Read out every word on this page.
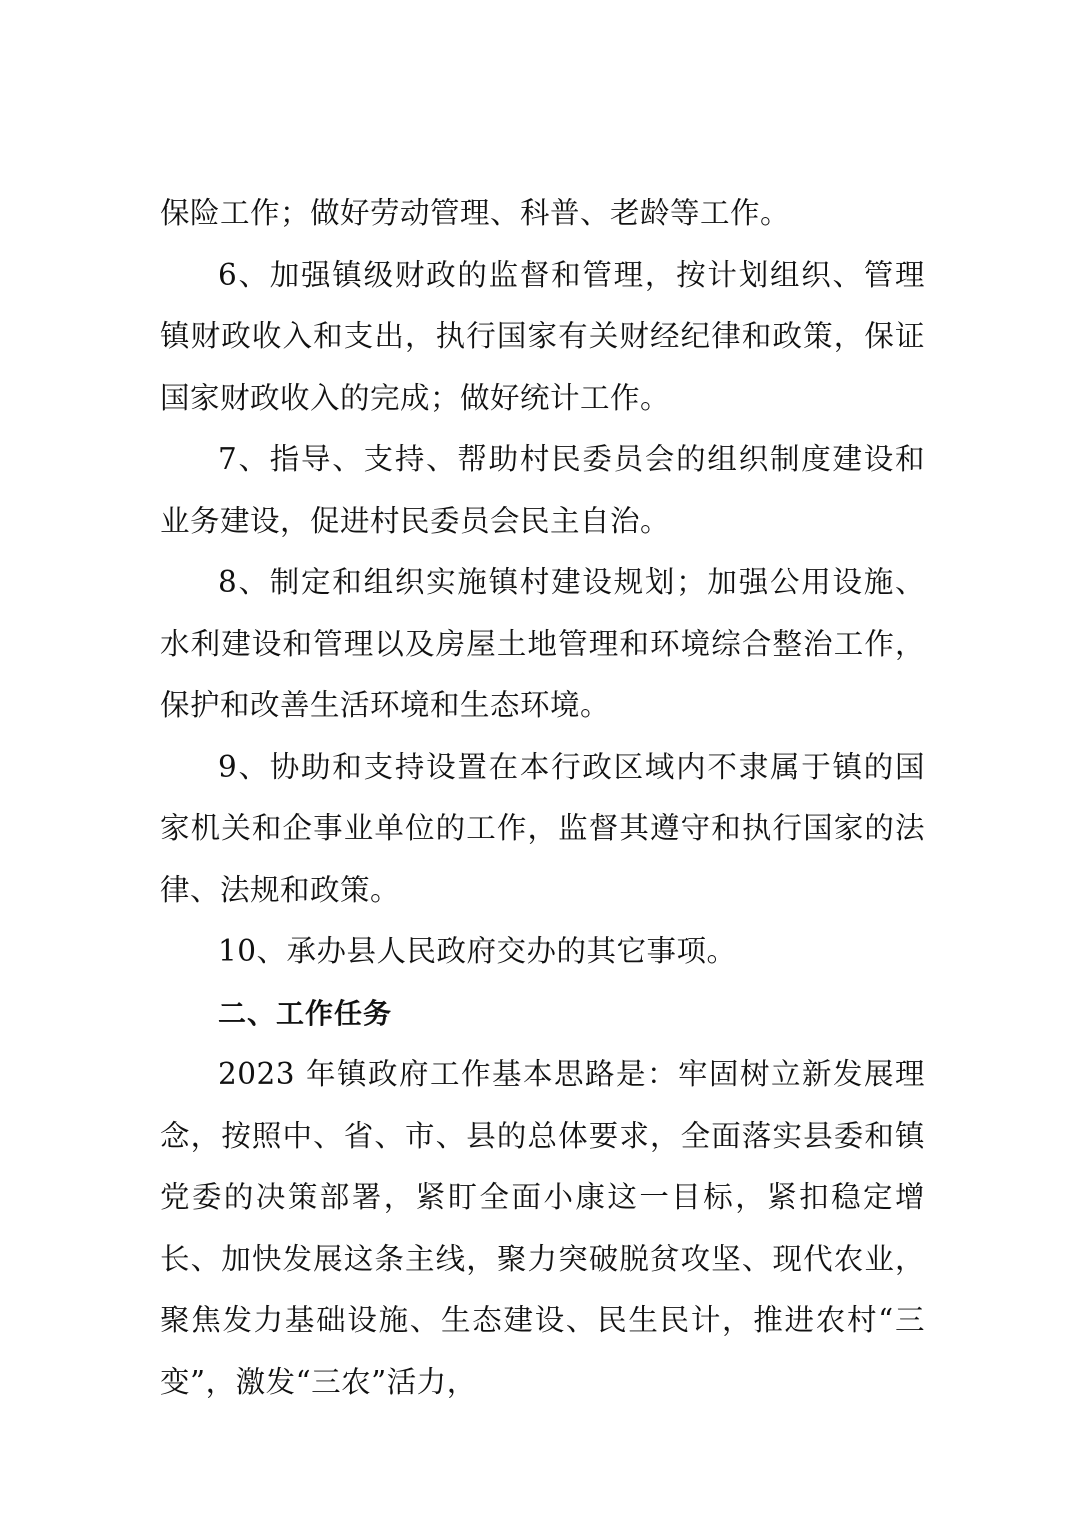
保险工作；做好劳动管理、科普、老龄等工作。

6、加强镇级财政的监督和管理，按计划组织、管理镇财政收入和支出，执行国家有关财经纪律和政策，保证国家财政收入的完成；做好统计工作。

7、指导、支持、帮助村民委员会的组织制度建设和业务建设，促进村民委员会民主自治。

8、制定和组织实施镇村建设规划；加强公用设施、水利建设和管理以及房屋土地管理和环境综合整治工作，保护和改善生活环境和生态环境。

9、协助和支持设置在本行政区域内不隶属于镇的国家机关和企事业单位的工作，监督其遵守和执行国家的法律、法规和政策。

10、承办县人民政府交办的其它事项。

二、工作任务

2023 年镇政府工作基本思路是：牢固树立新发展理念，按照中、省、市、县的总体要求，全面落实县委和镇党委的决策部署，紧盯全面小康这一目标，紧扣稳定增长、加快发展这条主线，聚力突破脱贫攻坚、现代农业，聚焦发力基础设施、生态建设、民生民计，推进农村“三变”，激发“三农”活力，
